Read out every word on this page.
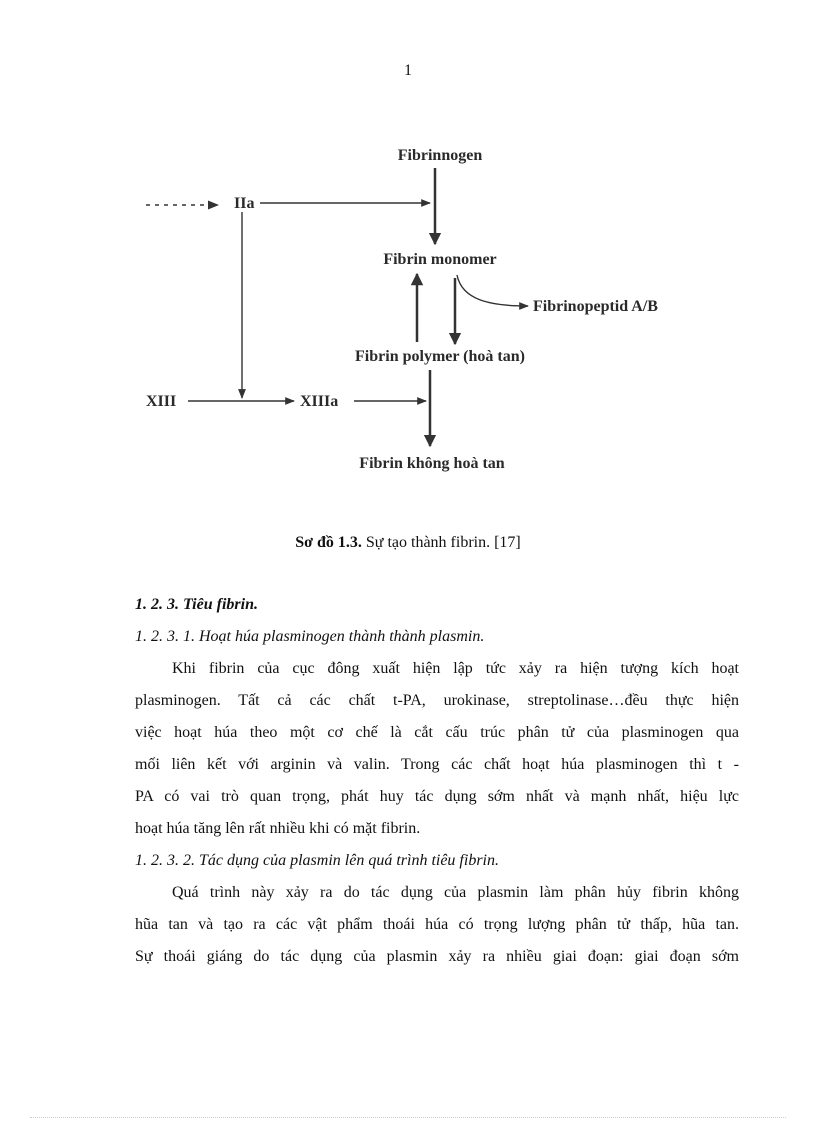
1
Fibrinnogen
IIa
Fibrin monomer
Fibrinopeptid A/B
Fibrin polymer (hoà tan)
XIII	XIIIa
Fibrin không hoà tan
Sơ đồ 1.3. Sự tạo thành fibrin. [17]
1. 2. 3. Tiêu fibrin.
1. 2. 3. 1. Hoạt húa plasminogen thành thành plasmin.
Khi fibrin của cục đông xuất hiện lập tức xảy ra hiện tượng kích hoạt
plasminogen. Tất cả các chất t-PA, urokinase, streptolinase…đều thực hiện
việc hoạt húa theo một cơ chế là cắt cấu trúc phân tử của plasminogen qua
mối liên kết với arginin và valin. Trong các chất hoạt húa plasminogen thì t -
PA có vai trò quan trọng, phát huy tác dụng sớm nhất và mạnh nhất, hiệu lực
hoạt húa tăng lên rất nhiều khi có mặt fibrin.
1. 2. 3. 2. Tác dụng của plasmin lên quá trình tiêu fibrin.
Quá trình này xảy ra do tác dụng của plasmin làm phân hủy fibrin không
hũa tan và tạo ra các vật phẩm thoái húa có trọng lượng phân tử thấp, hũa tan.
Sự thoái giáng do tác dụng của plasmin xảy ra nhiều giai đoạn: giai đoạn sớm
